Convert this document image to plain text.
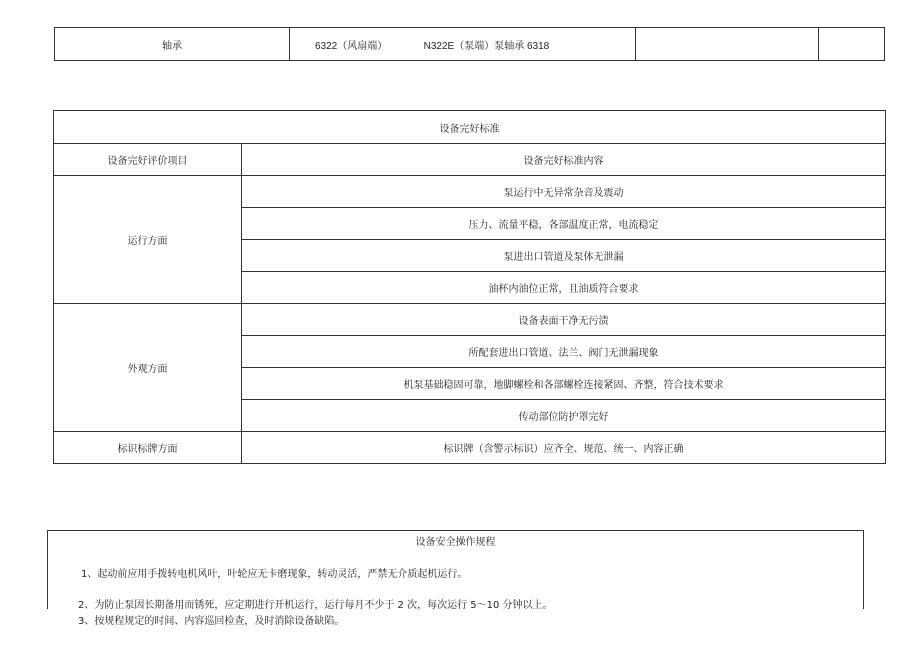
轴承	6322（风扇端）	N322E（泵端）泵轴承 6318		
设备完好标准	
设备完好评价项目	设备完好标准内容
运行方面	泵运行中无异常杂音及震动
	压力、流量平稳，各部温度正常，电流稳定
	泵进出口管道及泵体无泄漏
	油杯内油位正常，且油质符合要求
外观方面	设备表面干净无污渍
	所配套进出口管道、法兰、阀门无泄漏现象
	机泵基础稳固可靠，地脚螺栓和各部螺栓连接紧固、齐整，符合技术要求
	传动部位防护罩完好
标识标牌方面	标识牌（含警示标识）应齐全、规范、统一、内容正确
设备安全操作规程
1、起动前应用手拨转电机风叶，叶轮应无卡磨现象，转动灵活，严禁无介质起机运行。
2、为防止泵因长期备用而锈死，应定期进行开机运行，运行每月不少于 2 次，每次运行 5～10 分钟以上。
3、按规程规定的时间、内容巡回检查，及时消除设备缺陷。
